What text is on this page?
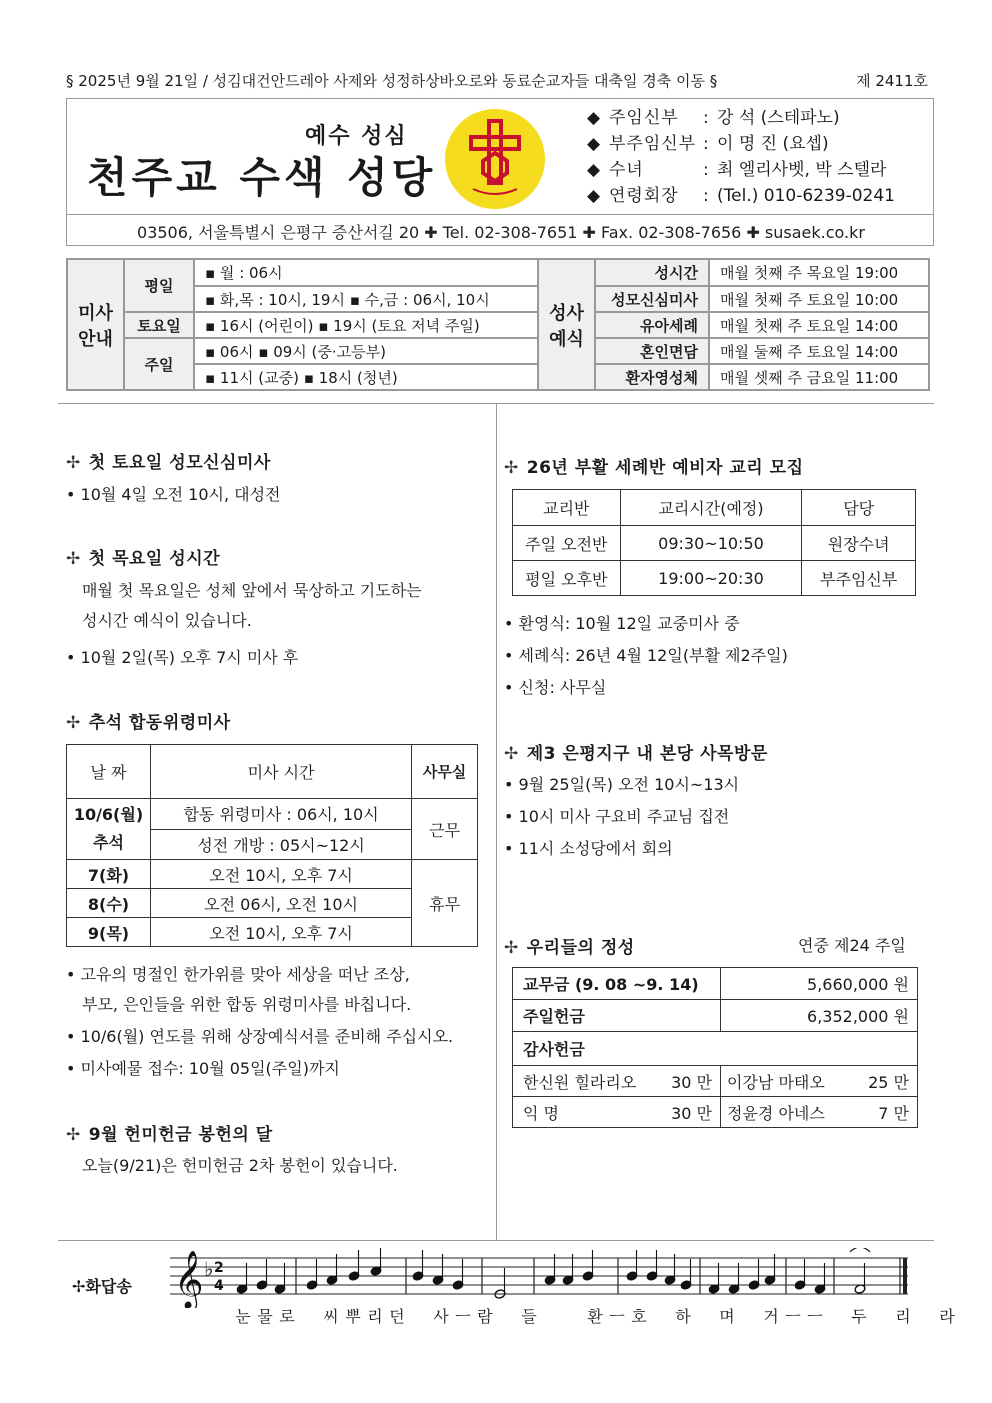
§ 2025년 9월 21일 / 성김대건안드레아 사제와 성정하상바오로와 동료순교자들 대축일 경축 이동 §	제 2411호
예수 성심
천주교 수색 성당
◆ 주임신부	: 강 석 (스테파노)
◆ 부주임신부 : 이 명 진 (요셉)
◆ 수녀	: 최 엘리사벳, 박 스텔라
◆ 연령회장	: (Tel.) 010-6239-0241
03506, 서울특별시 은평구 증산서길 20 ✚ Tel. 02-308-7651 ✚ Fax. 02-308-7656 ✚ susaek.co.kr
미사 안내
평일
▪ 월 : 06시
▪ 화,목 : 10시, 19시 ▪ 수,금 : 06시, 10시
토요일	▪ 16시 (어린이) ▪ 19시 (토요 저녁 주일)
주일
▪ 06시 ▪ 09시 (중·고등부)
▪ 11시 (교중) ▪ 18시 (청년)
성사 예식
성시간	매월 첫째 주 목요일 19:00
성모신심미사	매월 첫째 주 토요일 10:00
유아세례	매월 첫째 주 토요일 14:00
혼인면담	매월 둘째 주 토요일 14:00
환자영성체	매월 셋째 주 금요일 11:00
✢ 첫 토요일 성모신심미사
• 10월 4일 오전 10시, 대성전
✢ 첫 목요일 성시간
매월 첫 목요일은 성체 앞에서 묵상하고 기도하는
성시간 예식이 있습니다.
• 10월 2일(목) 오후 7시 미사 후
✢ 추석 합동위령미사
날 짜	미사 시간	사무실
10/6(월) 추석	합동 위령미사 : 06시, 10시	근무
	성전 개방 : 05시~12시	
7(화)	오전 10시, 오후 7시	휴무
8(수)	오전 06시, 오전 10시	
9(목)	오전 10시, 오후 7시	
• 고유의 명절인 한가위를 맞아 세상을 떠난 조상,
부모, 은인들을 위한 합동 위령미사를 바칩니다.
• 10/6(월) 연도를 위해 상장예식서를 준비해 주십시오.
• 미사예물 접수: 10월 05일(주일)까지
✢ 9월 헌미헌금 봉헌의 달
오늘(9/21)은 헌미헌금 2차 봉헌이 있습니다.
✢ 26년 부활 세례반 예비자 교리 모집
교리반	교리시간(예정)	담당
주일 오전반	09:30~10:50	원장수녀
평일 오후반	19:00~20:30	부주임신부
• 환영식: 10월 12일 교중미사 중
• 세례식: 26년 4월 12일(부활 제2주일)
• 신청: 사무실
✢ 제3 은평지구 내 본당 사목방문
• 9월 25일(목) 오전 10시~13시
• 10시 미사 구요비 주교님 집전
• 11시 소성당에서 회의
✢ 우리들의 정성	연중 제24 주일
교무금 (9. 08 ~9. 14)		5,660,000 원	
주일헌금		6,352,000 원	
감사헌금			
한신원 힐라리오	30 만	이강남 마태오	25 만
익 명	30 만	정윤경 아네스	7 만
✢화답송 𝄞 ♭ 2
4
눈 물 로 씨 뿌 리 던 사 ㅡ 람 들	환 ㅡ 호 하 며 거 ㅡ ㅡ 두 리 라
